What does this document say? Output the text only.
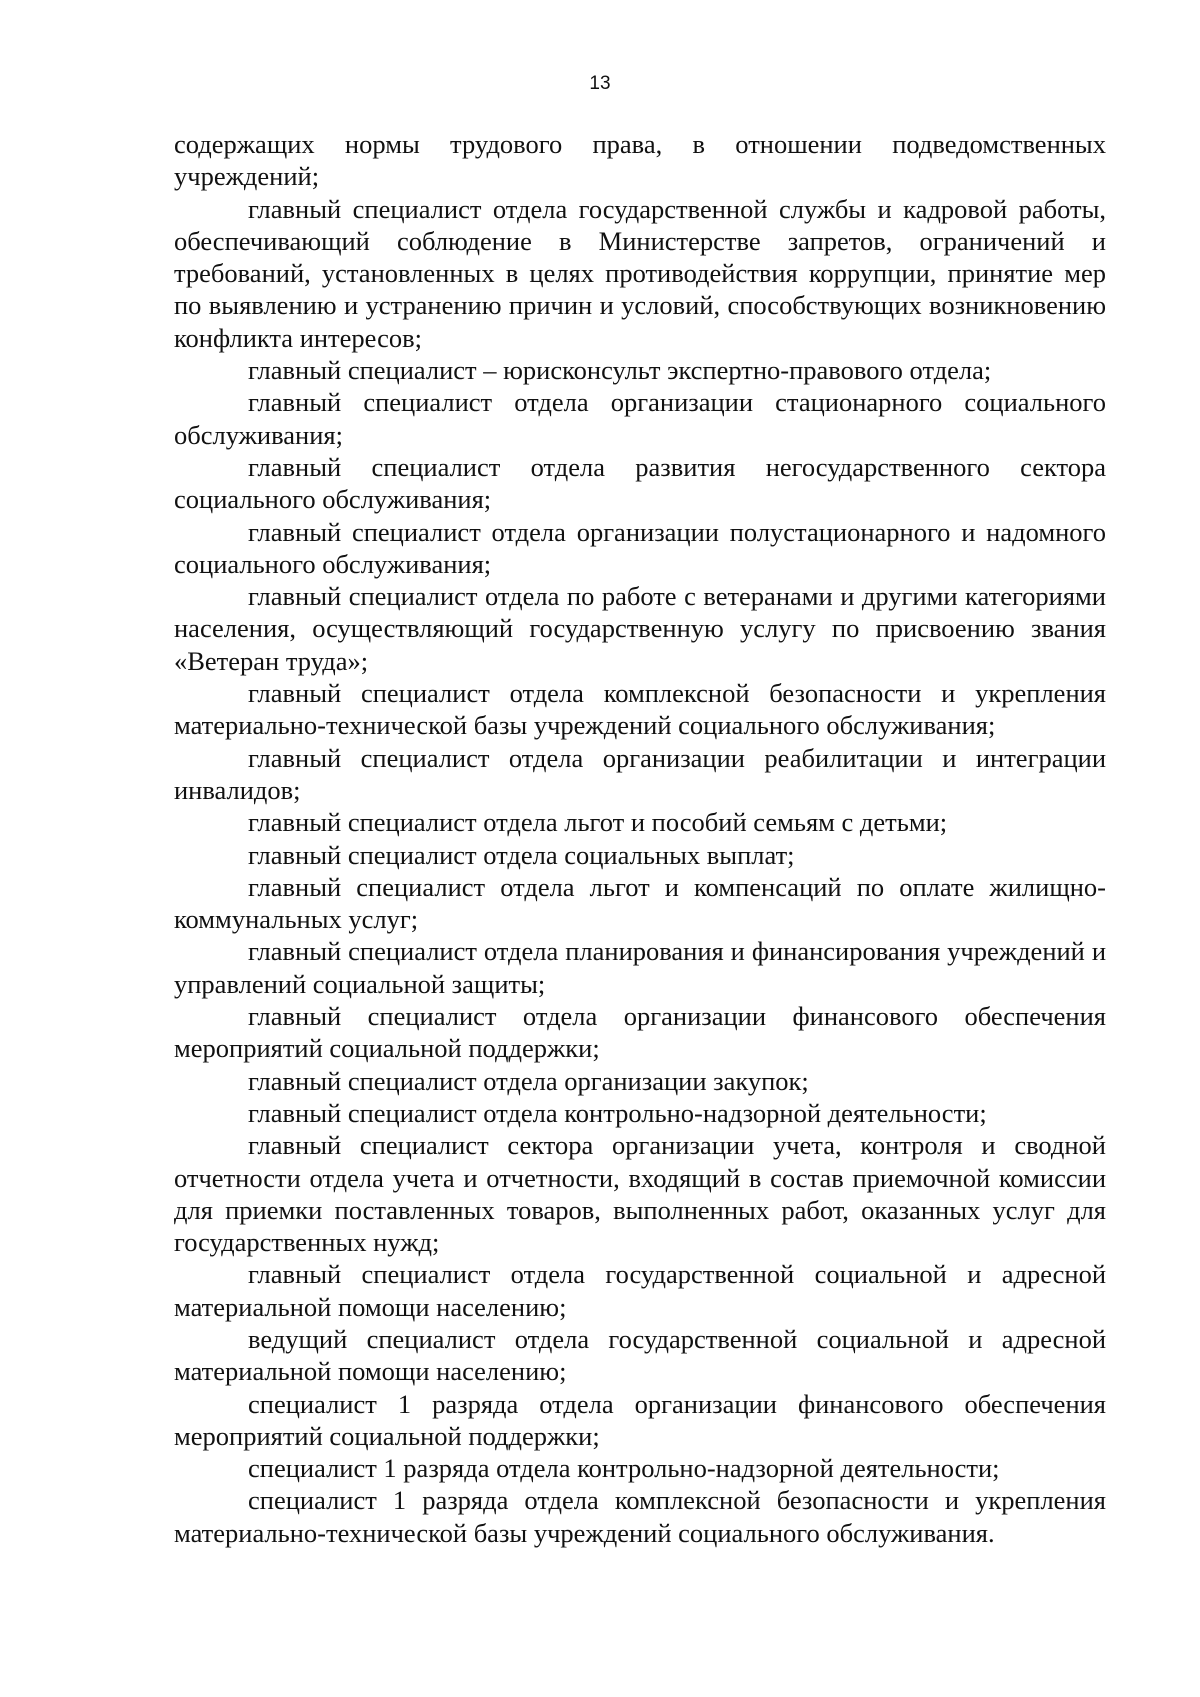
13

содержащих нормы трудового права, в отношении подведомственных учреждений;

главный специалист отдела государственной службы и кадровой работы, обеспечивающий соблюдение в Министерстве запретов, ограничений и требований, установленных в целях противодействия коррупции, принятие мер по выявлению и устранению причин и условий, способствующих возникновению конфликта интересов;

главный специалист – юрисконсульт экспертно-правового отдела;

главный специалист отдела организации стационарного социального обслуживания;

главный специалист отдела развития негосударственного сектора социального обслуживания;

главный специалист отдела организации полустационарного и надомного социального обслуживания;

главный специалист отдела по работе с ветеранами и другими категориями населения, осуществляющий государственную услугу по присвоению звания «Ветеран труда»;

главный специалист отдела комплексной безопасности и укрепления материально-технической базы учреждений социального обслуживания;

главный специалист отдела организации реабилитации и интеграции инвалидов;

главный специалист отдела льгот и пособий семьям с детьми;

главный специалист отдела социальных выплат;

главный специалист отдела льгот и компенсаций по оплате жилищно-коммунальных услуг;

главный специалист отдела планирования и финансирования учреждений и управлений социальной защиты;

главный специалист отдела организации финансового обеспечения мероприятий социальной поддержки;

главный специалист отдела организации закупок;

главный специалист отдела контрольно-надзорной деятельности;

главный специалист сектора организации учета, контроля и сводной отчетности отдела учета и отчетности, входящий в состав приемочной комиссии для приемки поставленных товаров, выполненных работ, оказанных услуг для государственных нужд;

главный специалист отдела государственной социальной и адресной материальной помощи населению;

ведущий специалист отдела государственной социальной и адресной материальной помощи населению;

специалист 1 разряда отдела организации финансового обеспечения мероприятий социальной поддержки;

специалист 1 разряда отдела контрольно-надзорной деятельности;

специалист 1 разряда отдела комплексной безопасности и укрепления материально-технической базы учреждений социального обслуживания.
